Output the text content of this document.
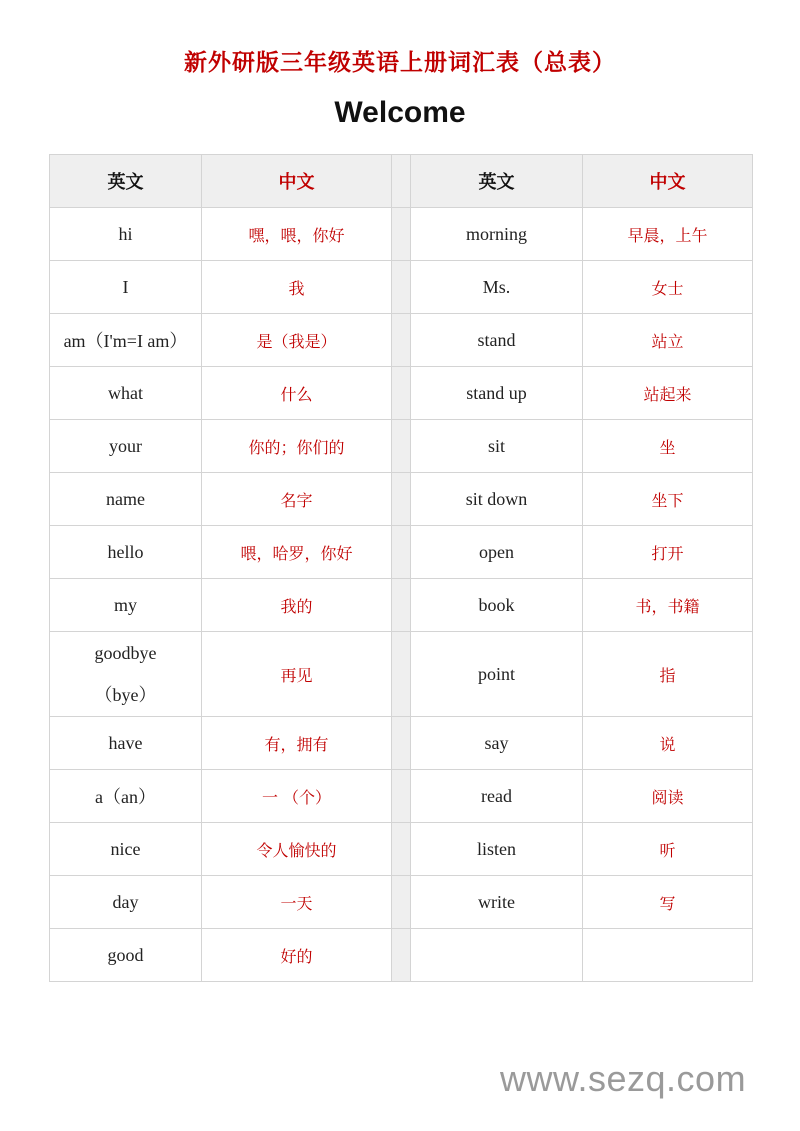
新外研版三年级英语上册词汇表（总表）
Welcome
英文	中文		英文	中文
hi	嘿，喂，你好		morning	早晨，上午
I	我		Ms.	女士
am（I'm=I am）	是（我是）		stand	站立
what	什么		stand up	站起来
your	你的；你们的		sit	坐
name	名字		sit down	坐下
hello	喂，哈罗，你好		open	打开
my	我的		book	书，书籍

goodbye
（bye）	再见		point	指
have	有，拥有		say	说
a（an）	一 （个）		read	阅读
nice	令人愉快的		listen	听
day	一天		write	写
good	好的			
www.sezq.com
